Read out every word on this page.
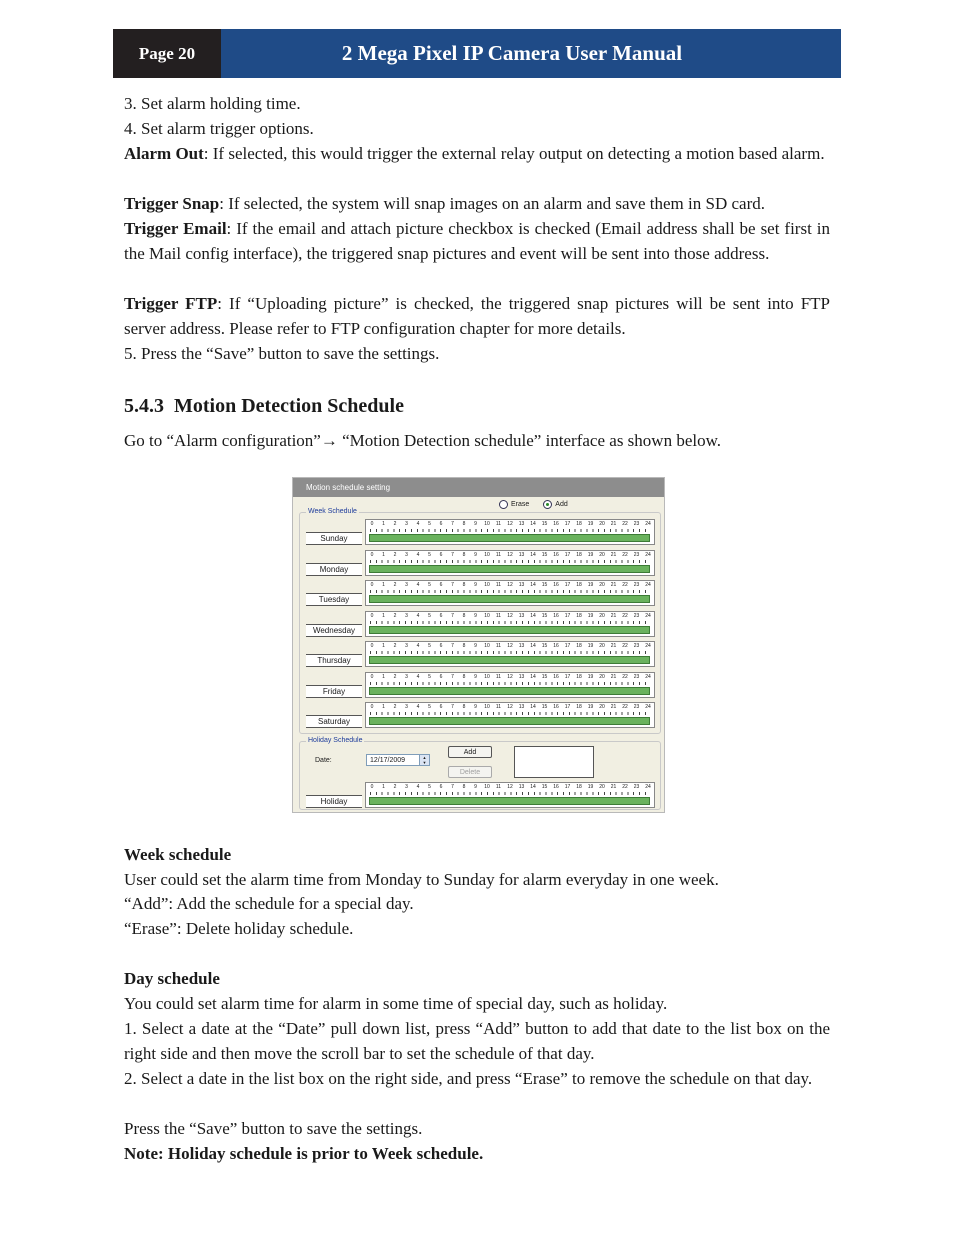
Page 20	2 Mega Pixel IP Camera User Manual
3. Set alarm holding time.
4. Set alarm trigger options.
Alarm Out: If selected, this would trigger the external relay output on detecting a motion based alarm.
Trigger Snap: If selected, the system will snap images on an alarm and save them in SD card.
Trigger Email: If the email and attach picture checkbox is checked (Email address shall be set first in the Mail config interface), the triggered snap pictures and event will be sent into those address.
Trigger FTP: If “Uploading picture” is checked, the triggered snap pictures will be sent into FTP server address. Please refer to FTP configuration chapter for more details.
5. Press the “Save” button to save the settings.
5.4.3 Motion Detection Schedule
Go to “Alarm configuration”→ “Motion Detection schedule” interface as shown below.
Motion schedule setting
Erase	Add
Week Schedule
Sunday
0	1	2	3	4	5	6	7	8	9	10 11 12 13 14 15 16 17 18 19 20 21 22 23 24
Monday
0	1	2	3	4	5	6	7	8	9	10 11 12 13 14 15 16 17 18 19 20 21 22 23 24
Tuesday
0	1	2	3	4	5	6	7	8	9	10 11 12 13 14 15 16 17 18 19 20 21 22 23 24
Wednesday
0	1	2	3	4	5	6	7	8	9	10 11 12 13 14 15 16 17 18 19 20 21 22 23 24
Thursday
0	1	2	3	4	5	6	7	8	9	10 11 12 13 14 15 16 17 18 19 20 21 22 23 24
Friday
0	1	2	3	4	5	6	7	8	9	10 11 12 13 14 15 16 17 18 19 20 21 22 23 24
Saturday
0	1	2	3	4	5	6	7	8	9	10 11 12 13 14 15 16 17 18 19 20 21 22 23 24
Holiday Schedule
Date:	12/17/2009	▲
▼
Add
Delete
Holiday
0	1	2	3	4	5	6	7	8	9	10 11 12 13 14 15 16 17 18 19 20 21 22 23 24
Week schedule
User could set the alarm time from Monday to Sunday for alarm everyday in one week.
“Add”: Add the schedule for a special day.
“Erase”: Delete holiday schedule.
Day schedule
You could set alarm time for alarm in some time of special day, such as holiday.
1. Select a date at the “Date” pull down list, press “Add” button to add that date to the list box on the right side and then move the scroll bar to set the schedule of that day.
2. Select a date in the list box on the right side, and press “Erase” to remove the schedule on that day.
Press the “Save” button to save the settings.
Note: Holiday schedule is prior to Week schedule.
